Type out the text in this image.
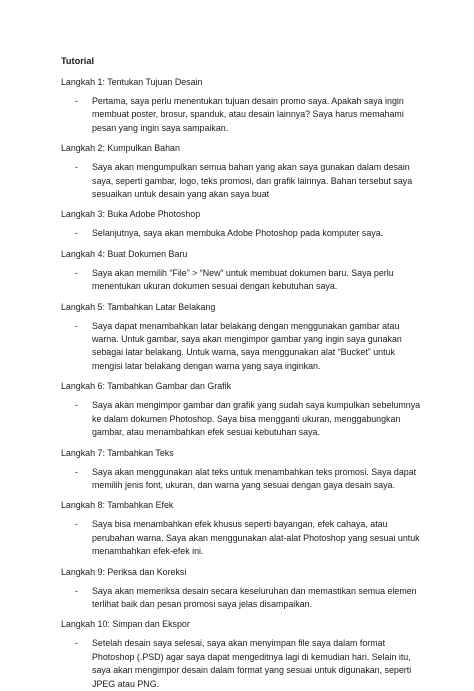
Tutorial
Langkah 1: Tentukan Tujuan Desain
- Pertama, saya perlu menentukan tujuan desain promo saya. Apakah saya ingin membuat poster, brosur, spanduk, atau desain lainnya? Saya harus memahami pesan yang ingin saya sampaikan.
Langkah 2: Kumpulkan Bahan
- Saya akan mengumpulkan semua bahan yang akan saya gunakan dalam desain saya, seperti gambar, logo, teks promosi, dan grafik lainnya. Bahan tersebut saya sesuaikan untuk desain yang akan saya buat
Langkah 3: Buka Adobe Photoshop
- Selanjutnya, saya akan membuka Adobe Photoshop pada komputer saya.
Langkah 4: Buat Dokumen Baru
- Saya akan memilih “File” > “New” untuk membuat dokumen baru. Saya perlu menentukan ukuran dokumen sesuai dengan kebutuhan saya.
Langkah 5: Tambahkan Latar Belakang
- Saya dapat menambahkan latar belakang dengan menggunakan gambar atau warna. Untuk gambar, saya akan mengimpor gambar yang ingin saya gunakan sebagai latar belakang. Untuk warna, saya menggunakan alat “Bucket” untuk mengisi latar belakang dengan warna yang saya inginkan.
Langkah 6: Tambahkan Gambar dan Grafik
- Saya akan mengimpor gambar dan grafik yang sudah saya kumpulkan sebelumnya ke dalam dokumen Photoshop. Saya bisa mengganti ukuran, menggabungkan gambar, atau menambahkan efek sesuai kebutuhan saya.
Langkah 7: Tambahkan Teks
- Saya akan menggunakan alat teks untuk menambahkan teks promosi. Saya dapat memilih jenis font, ukuran, dan warna yang sesuai dengan gaya desain saya.
Langkah 8: Tambahkan Efek
- Saya bisa menambahkan efek khusus seperti bayangan, efek cahaya, atau perubahan warna. Saya akan menggunakan alat-alat Photoshop yang sesuai untuk menambahkan efek-efek ini.
Langkah 9: Periksa dan Koreksi
- Saya akan memeriksa desain secara keseluruhan dan memastikan semua elemen terlihat baik dan pesan promosi saya jelas disampaikan.
Langkah 10: Simpan dan Ekspor
- Setelah desain saya selesai, saya akan menyimpan file saya dalam format Photoshop (.PSD) agar saya dapat mengeditnya lagi di kemudian hari. Selain itu, saya akan mengimpor desain dalam format yang sesuai untuk digunakan, seperti JPEG atau PNG.
